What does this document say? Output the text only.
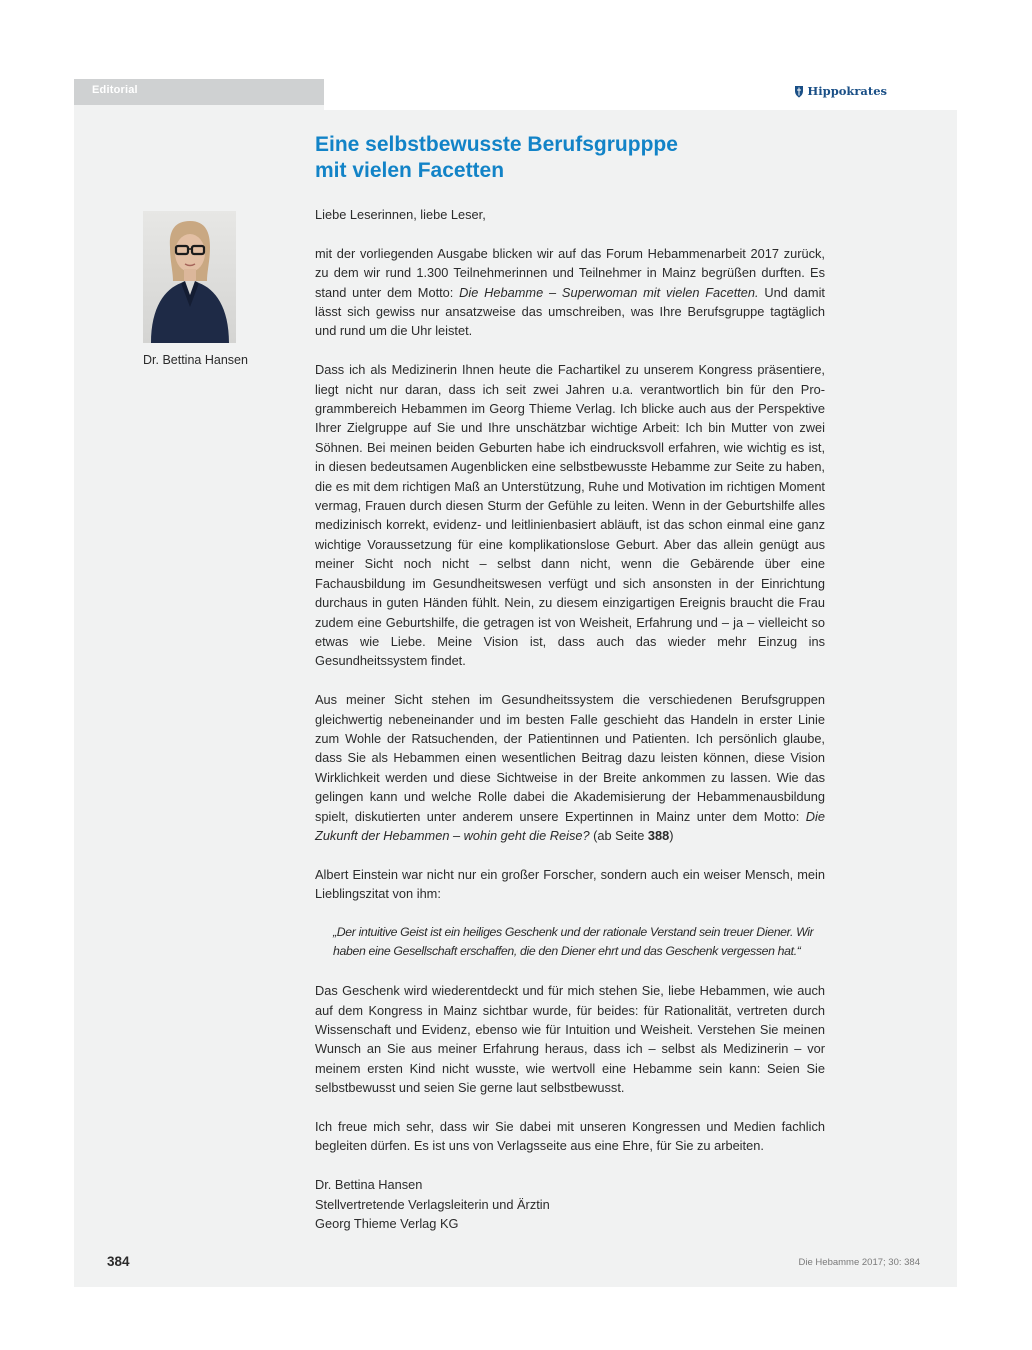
Editorial	Hippokrates
Eine selbstbewusste Berufsgrupppe
mit vielen Facetten
Dr. Bettina Hansen

Liebe Leserinnen, liebe Leser,

mit der vorliegenden Ausgabe blicken wir auf das Forum Hebammenarbeit 2017 zurück, zu dem wir rund 1.300 Teilnehmerinnen und Teilnehmer in Mainz begrüßen durften. Es stand unter dem Motto: Die Hebamme – Superwoman mit vielen Facetten. Und damit lässt sich gewiss nur ansatzweise das umschreiben, was Ihre Berufsgruppe tagtäglich und rund um die Uhr leistet.

Dass ich als Medizinerin Ihnen heute die Fachartikel zu unserem Kongress präsentiere, liegt nicht nur daran, dass ich seit zwei Jahren u.a. verantwortlich bin für den Programmbereich Hebammen im Georg Thieme Verlag. Ich blicke auch aus der Perspektive Ihrer Zielgruppe auf Sie und Ihre unschätzbar wichtige Arbeit: Ich bin Mutter von zwei Söhnen. Bei meinen beiden Geburten habe ich eindrucksvoll erfahren, wie wichtig es ist, in diesen bedeutsamen Augenblicken eine selbstbewusste Hebamme zur Seite zu haben, die es mit dem richtigen Maß an Unterstützung, Ruhe und Motivation im richtigen Moment vermag, Frauen durch diesen Sturm der Gefühle zu leiten. Wenn in der Geburtshilfe alles medizinisch korrekt, evidenz- und leitlinienbasiert abläuft, ist das schon einmal eine ganz wichtige Voraussetzung für eine komplikationslose Geburt. Aber das allein genügt aus meiner Sicht noch nicht – selbst dann nicht, wenn die Gebärende über eine Fachausbildung im Gesundheitswesen verfügt und sich ansonsten in der Einrichtung durchaus in guten Händen fühlt. Nein, zu diesem einzigartigen Ereignis braucht die Frau zudem eine Geburtshilfe, die getragen ist von Weisheit, Erfahrung und – ja – vielleicht so etwas wie Liebe. Meine Vision ist, dass auch das wieder mehr Einzug ins Gesundheitssystem findet.

Aus meiner Sicht stehen im Gesundheitssystem die verschiedenen Berufsgruppen gleichwertig nebeneinander und im besten Falle geschieht das Handeln in erster Linie zum Wohle der Ratsuchenden, der Patientinnen und Patienten. Ich persönlich glaube, dass Sie als Hebammen einen wesentlichen Beitrag dazu leisten können, diese Vision Wirklichkeit werden und diese Sichtweise in der Breite ankommen zu lassen. Wie das gelingen kann und welche Rolle dabei die Akademisierung der Hebammenausbildung spielt, diskutierten unter anderem unsere Expertinnen in Mainz unter dem Motto: Die Zukunft der Hebammen – wohin geht die Reise? (ab Seite 388)

Albert Einstein war nicht nur ein großer Forscher, sondern auch ein weiser Mensch, mein Lieblingszitat von ihm:

„Der intuitive Geist ist ein heiliges Geschenk und der rationale Verstand sein treuer Diener. Wir haben eine Gesellschaft erschaffen, die den Diener ehrt und das Geschenk vergessen hat.“

Das Geschenk wird wiederentdeckt und für mich stehen Sie, liebe Hebammen, wie auch auf dem Kongress in Mainz sichtbar wurde, für beides: für Rationalität, vertreten durch Wissenschaft und Evidenz, ebenso wie für Intuition und Weisheit. Verstehen Sie meinen Wunsch an Sie aus meiner Erfahrung heraus, dass ich – selbst als Medizinerin – vor meinem ersten Kind nicht wusste, wie wertvoll eine Hebamme sein kann: Seien Sie selbstbewusst und seien Sie gerne laut selbstbewusst.

Ich freue mich sehr, dass wir Sie dabei mit unseren Kongressen und Medien fachlich begleiten dürfen. Es ist uns von Verlagsseite aus eine Ehre, für Sie zu arbeiten.

Dr. Bettina Hansen

Stellvertretende Verlagsleiterin und Ärztin

Georg Thieme Verlag KG

384	Die Hebamme 2017; 30: 384
